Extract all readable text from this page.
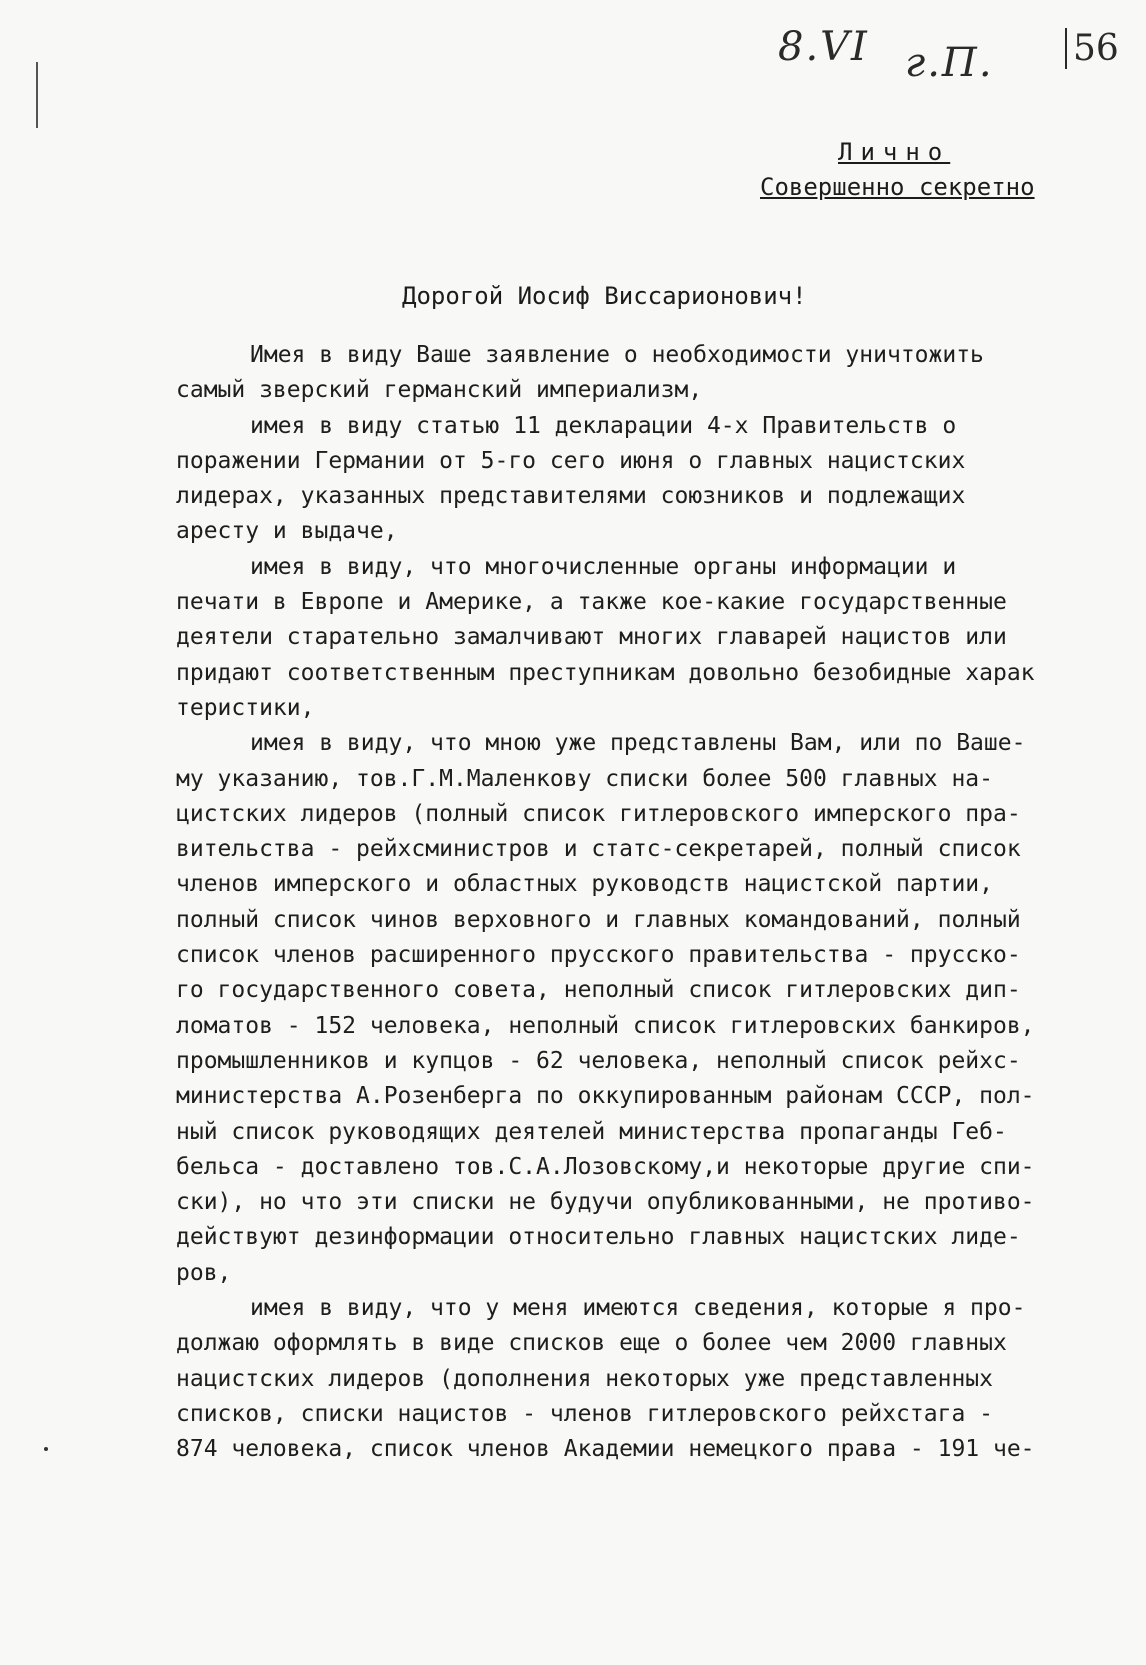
8.VI г.П. 56
Лично
Совершенно секретно
Дорогой Иосиф Виссарионович!
Имея в виду Ваше заявление о необходимости уничтожить
самый зверский германский империализм,
имея в виду статью 11 декларации 4-х Правительств о
поражении Германии от 5-го сего июня о главных нацистских
лидерах, указанных представителями союзников и подлежащих
аресту и выдаче,
имея в виду, что многочисленные органы информации и
печати в Европе и Америке, а также кое-какие государственные
деятели старательно замалчивают многих главарей нацистов или
придают соответственным преступникам довольно безобидные харак
теристики,
имея в виду, что мною уже представлены Вам, или по Ваше-
му указанию, тов.Г.М.Маленкову списки более 500 главных на-
цистских лидеров (полный список гитлеровского имперского пра-
вительства - рейхсминистров и статс-секретарей, полный список
членов имперского и областных руководств нацистской партии,
полный список чинов верховного и главных командований, полный
список членов расширенного прусского правительства - прусско-
го государственного совета, неполный список гитлеровских дип-
ломатов - 152 человека, неполный список гитлеровских банкиров,
промышленников и купцов - 62 человека, неполный список рейхс-
министерства А.Розенберга по оккупированным районам СССР, пол-
ный список руководящих деятелей министерства пропаганды Геб-
бельса - доставлено тов.С.А.Лозовскому,и некоторые другие спи-
ски), но что эти списки не будучи опубликованными, не противо-
действуют дезинформации относительно главных нацистских лиде-
ров,
имея в виду, что у меня имеются сведения, которые я про-
должаю оформлять в виде списков еще о более чем 2000 главных
нацистских лидеров (дополнения некоторых уже представленных
списков, списки нацистов - членов гитлеровского рейхстага -
874 человека, список членов Академии немецкого права - 191 че-
